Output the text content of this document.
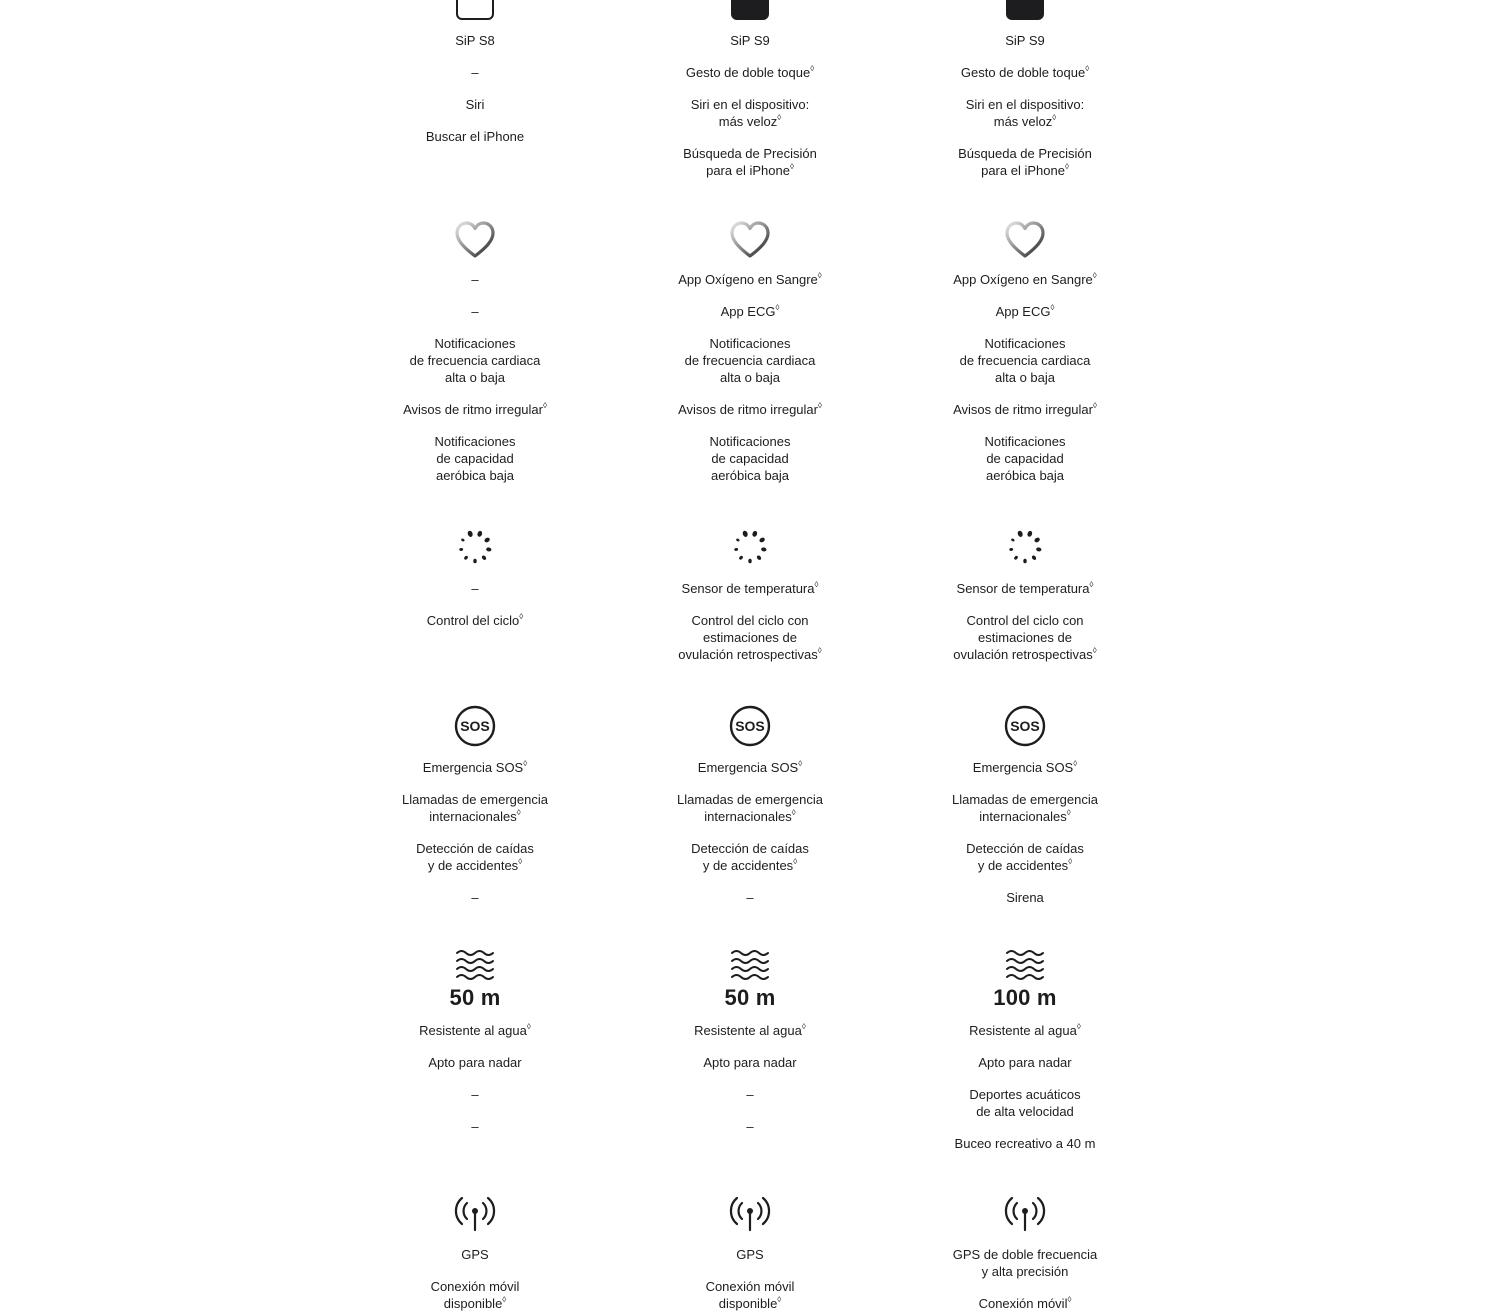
SiP S8
–
Siri
Buscar el iPhone
–
–
Notificaciones
de frecuencia cardiaca
alta o baja
Avisos de ritmo irregular◊
Notificaciones
de capacidad
aeróbica baja
–
Control del ciclo◊
SOS
Emergencia SOS◊
Llamadas de emergencia
internacionales◊
Detección de caídas
y de accidentes◊
–
50 m
Resistente al agua◊
Apto para nadar
–
–
GPS
Conexión móvil
disponible◊
SiP S9
Gesto de doble toque◊
Siri en el dispositivo:
más veloz◊
Búsqueda de Precisión
para el iPhone◊
App Oxígeno en Sangre◊
App ECG◊
Notificaciones
de frecuencia cardiaca
alta o baja
Avisos de ritmo irregular◊
Notificaciones
de capacidad
aeróbica baja
Sensor de temperatura◊
Control del ciclo con
estimaciones de
ovulación retrospectivas◊
SOS
Emergencia SOS◊
Llamadas de emergencia
internacionales◊
Detección de caídas
y de accidentes◊
–
50 m
Resistente al agua◊
Apto para nadar
–
–
GPS
Conexión móvil
disponible◊
SiP S9
Gesto de doble toque◊
Siri en el dispositivo:
más veloz◊
Búsqueda de Precisión
para el iPhone◊
App Oxígeno en Sangre◊
App ECG◊
Notificaciones
de frecuencia cardiaca
alta o baja
Avisos de ritmo irregular◊
Notificaciones
de capacidad
aeróbica baja
Sensor de temperatura◊
Control del ciclo con
estimaciones de
ovulación retrospectivas◊
SOS
Emergencia SOS◊
Llamadas de emergencia
internacionales◊
Detección de caídas
y de accidentes◊
Sirena
100 m
Resistente al agua◊
Apto para nadar
Deportes acuáticos
de alta velocidad
Buceo recreativo a 40 m
GPS de doble frecuencia
y alta precisión
Conexión móvil◊
